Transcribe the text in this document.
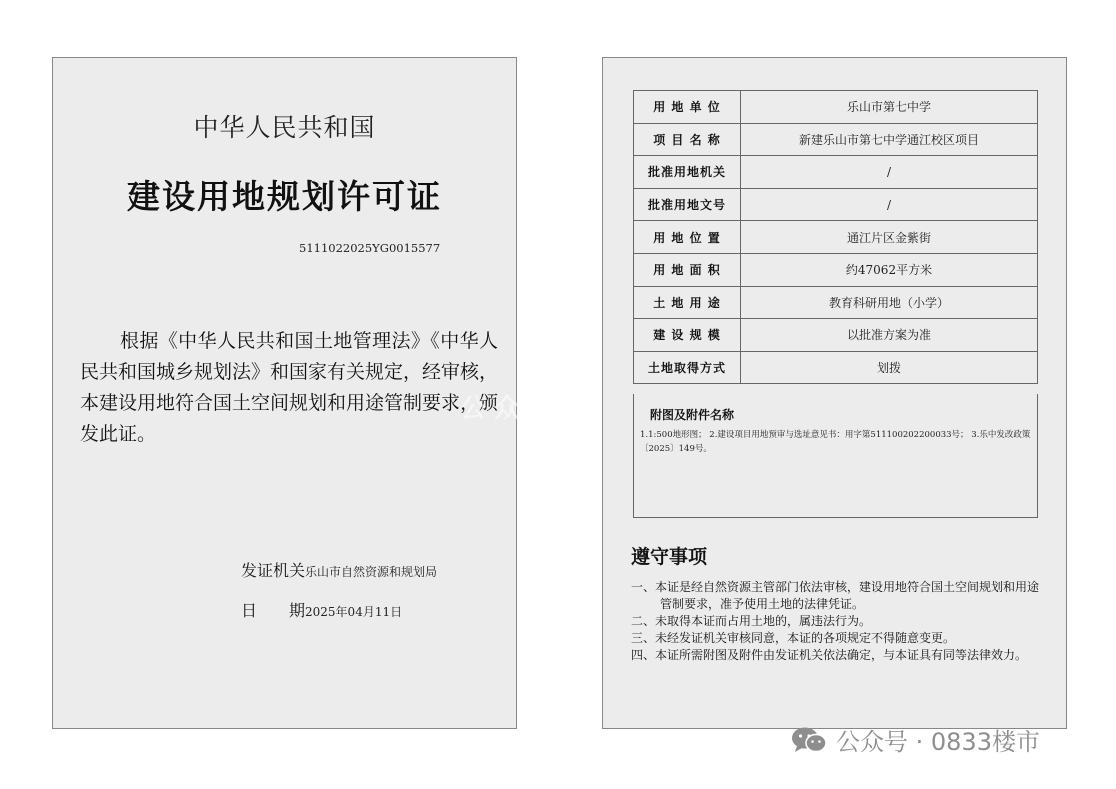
中华人民共和国
建设用地规划许可证
5111022025YG0015577
根据《中华人民共和国土地管理法》《中华人民共和国城乡规划法》和国家有关规定，经审核，本建设用地符合国土空间规划和用途管制要求，颁发此证。
发证机关乐山市自然资源和规划局
日 期2025年04月11日
用 地 单 位	乐山市第七中学
项 目 名 称	新建乐山市第七中学通江校区项目
批准用地机关	/
批准用地文号	/
用 地 位 置	通江片区金紫街
用 地 面 积	约47062平方米
土 地 用 途	教育科研用地（小学）
建 设 规 模	以批准方案为准
土地取得方式	划拨
附图及附件名称
1.1:500地形图； 2.建设项目用地预审与选址意见书：用字第511100202200033号； 3.乐中发改政策〔2025〕149号。
遵守事项
一、本证是经自然资源主管部门依法审核，建设用地符合国土空间规划和用途管制要求，准予使用土地的法律凭证。
二、未取得本证而占用土地的，属违法行为。
三、未经发证机关审核同意，本证的各项规定不得随意变更。
四、本证所需附图及附件由发证机关依法确定，与本证具有同等法律效力。
公众号
公众号 · 0833楼市
